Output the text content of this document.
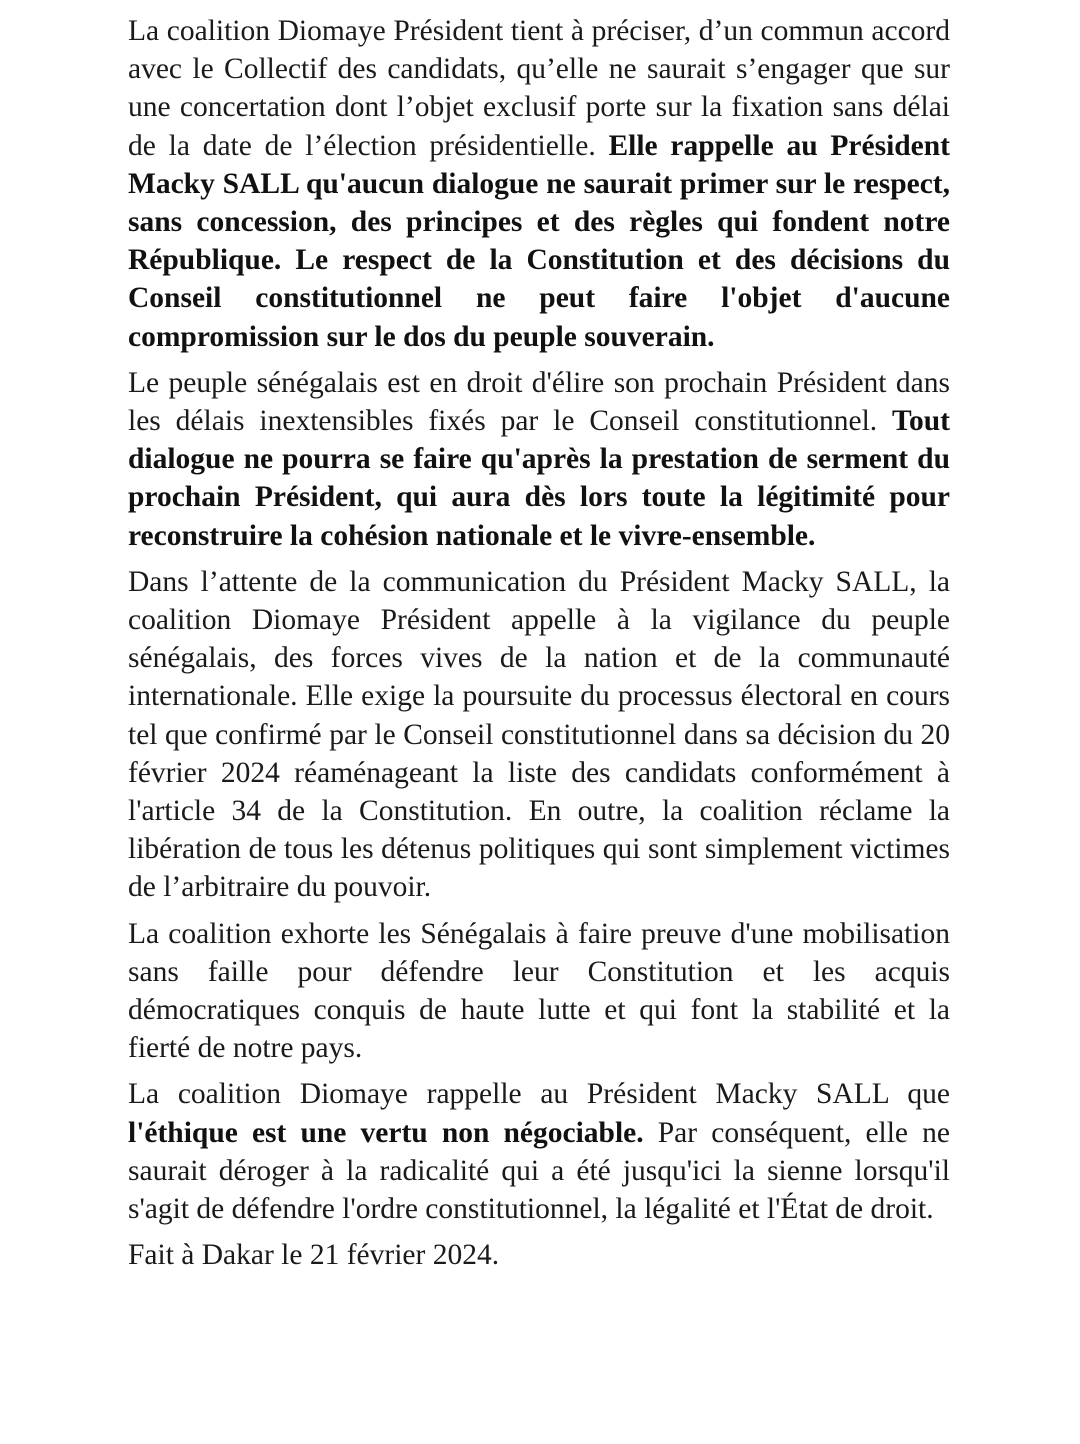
La coalition Diomaye Président tient à préciser, d’un commun accord avec le Collectif des candidats, qu’elle ne saurait s’engager que sur une concertation dont l’objet exclusif porte sur la fixation sans délai de la date de l’élection présidentielle. Elle rappelle au Président Macky SALL qu'aucun dialogue ne saurait primer sur le respect, sans concession, des principes et des règles qui fondent notre République. Le respect de la Constitution et des décisions du Conseil constitutionnel ne peut faire l'objet d'aucune compromission sur le dos du peuple souverain.

Le peuple sénégalais est en droit d'élire son prochain Président dans les délais inextensibles fixés par le Conseil constitutionnel. Tout dialogue ne pourra se faire qu'après la prestation de serment du prochain Président, qui aura dès lors toute la légitimité pour reconstruire la cohésion nationale et le vivre-ensemble.

Dans l’attente de la communication du Président Macky SALL, la coalition Diomaye Président appelle à la vigilance du peuple sénégalais, des forces vives de la nation et de la communauté internationale. Elle exige la poursuite du processus électoral en cours tel que confirmé par le Conseil constitutionnel dans sa décision du 20 février 2024 réaménageant la liste des candidats conformément à l'article 34 de la Constitution. En outre, la coalition réclame la libération de tous les détenus politiques qui sont simplement victimes de l’arbitraire du pouvoir.

La coalition exhorte les Sénégalais à faire preuve d'une mobilisation sans faille pour défendre leur Constitution et les acquis démocratiques conquis de haute lutte et qui font la stabilité et la fierté de notre pays.

La coalition Diomaye rappelle au Président Macky SALL que l'éthique est une vertu non négociable. Par conséquent, elle ne saurait déroger à la radicalité qui a été jusqu'ici la sienne lorsqu'il s'agit de défendre l'ordre constitutionnel, la légalité et l'État de droit.

Fait à Dakar le 21 février 2024.
